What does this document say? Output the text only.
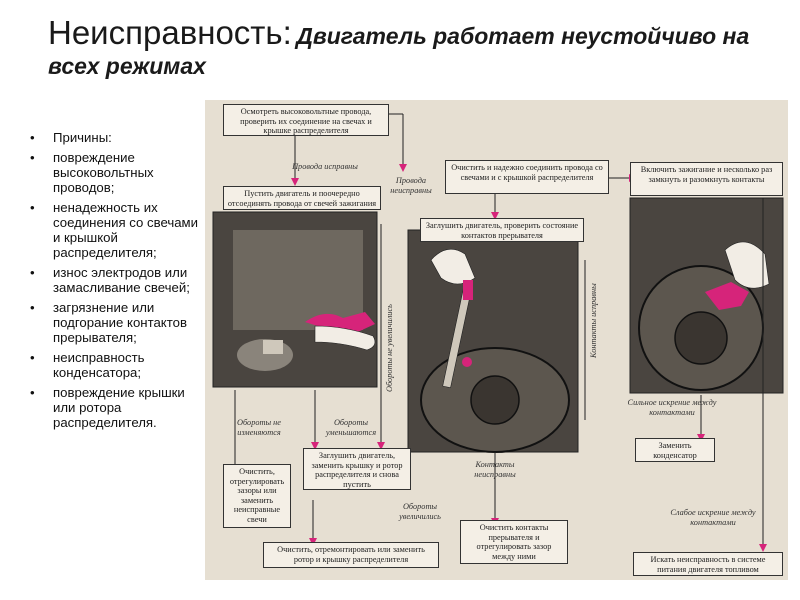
Неисправность: Двигатель работает неустойчиво на всех режимах
• Причины:
• повреждение высоковольтных проводов;
• ненадежность их соединения со свечами и крышкой распределителя;
• износ электродов или замасливание свечей;
• загрязнение или подгорание контактов прерывателя;
• неисправность конденсатора;
• повреждение крышки или ротора распределителя.
Осмотреть высоковольтные провода, проверить их соединение на свечах и крышке распределителя
Пустить двигатель и поочередно отсоединять провода от свечей зажигания
Очистить и надежно соединить провода со свечами и с крышкой распределителя
Заглушить двигатель, проверить состояние контактов прерывателя
Включить зажигание и несколько раз замкнуть и разомкнуть контакты
Очистить, отрегулировать зазоры или заменить неисправные свечи
Заглушить двигатель, заменить крышку и ротор распределителя и снова пустить
Заменить конденсатор
Очистить, отремонтировать или заменить ротор и крышку распределителя
Очистить контакты прерывателя и отрегулировать зазор между ними	Искать неисправность в системе питания двигателя топливом
Провода исправны
Провода неисправны
Обороты не изменяются
Обороты уменьшаются
Контакты неисправны
Сильное искрение между контактами
Обороты увеличились	Слабое искрение между контактами
Обороты не увеличились	Контакты исправны
